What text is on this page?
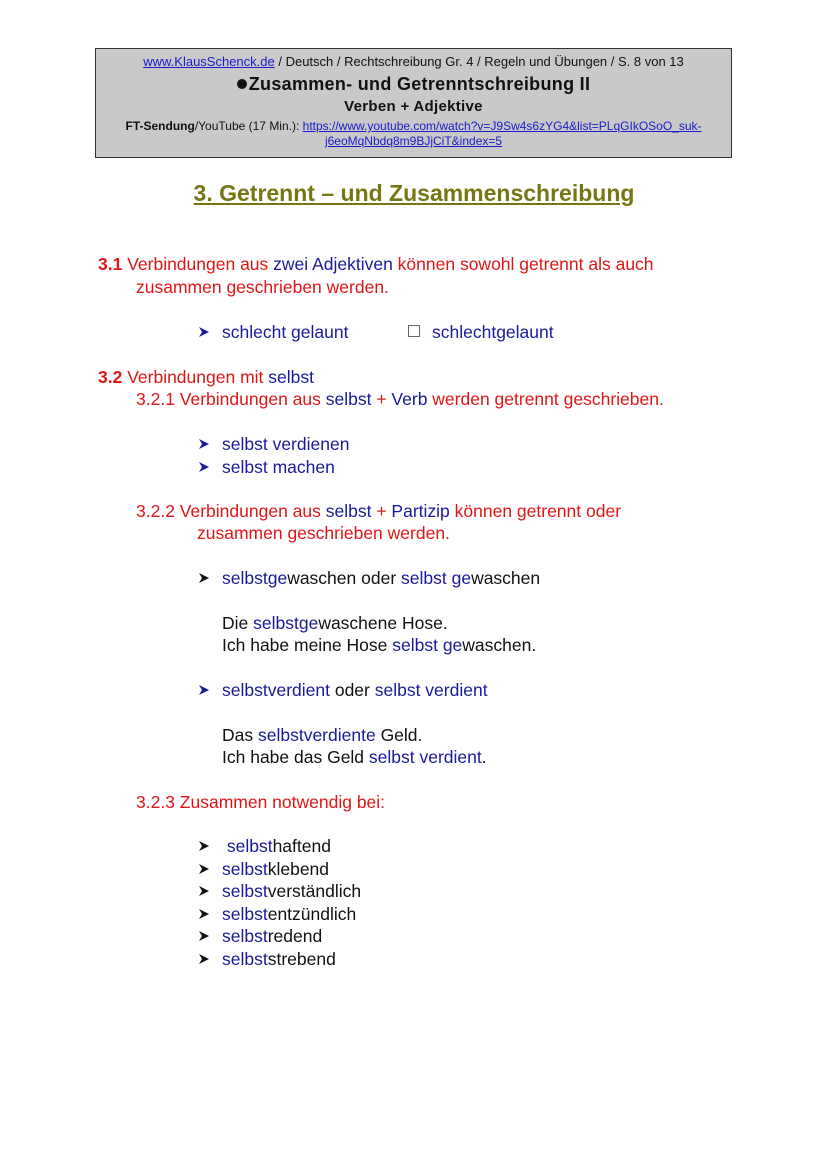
www.KlausSchenck.de / Deutsch / Rechtschreibung Gr. 4 / Regeln und Übungen / S. 8 von 13
Zusammen- und Getrenntschreibung II
Verben + Adjektive
FT-Sendung/YouTube (17 Min.): https://www.youtube.com/watch?v=J9Sw4s6zYG4&list=PLqGIkOSoO_suk-
j6eoMqNbdq8m9BJjCiT&index=5
3. Getrennt – und Zusammenschreibung
3.1 Verbindungen aus zwei Adjektiven können sowohl getrennt als auch
zusammen geschrieben werden.
schlecht gelaunt	schlechtgelaunt
3.2 Verbindungen mit selbst
3.2.1 Verbindungen aus selbst + Verb werden getrennt geschrieben.
selbst verdienen
selbst machen
3.2.2 Verbindungen aus selbst + Partizip können getrennt oder
zusammen geschrieben werden.
selbstgewaschen oder selbst gewaschen
Die selbstgewaschene Hose.
Ich habe meine Hose selbst gewaschen.
selbstverdient oder selbst verdient
Das selbstverdiente Geld.
Ich habe das Geld selbst verdient.
3.2.3 Zusammen notwendig bei:
selbsthaftend
selbstklebend
selbstverständlich
selbstentzündlich
selbstredend
selbststrebend
